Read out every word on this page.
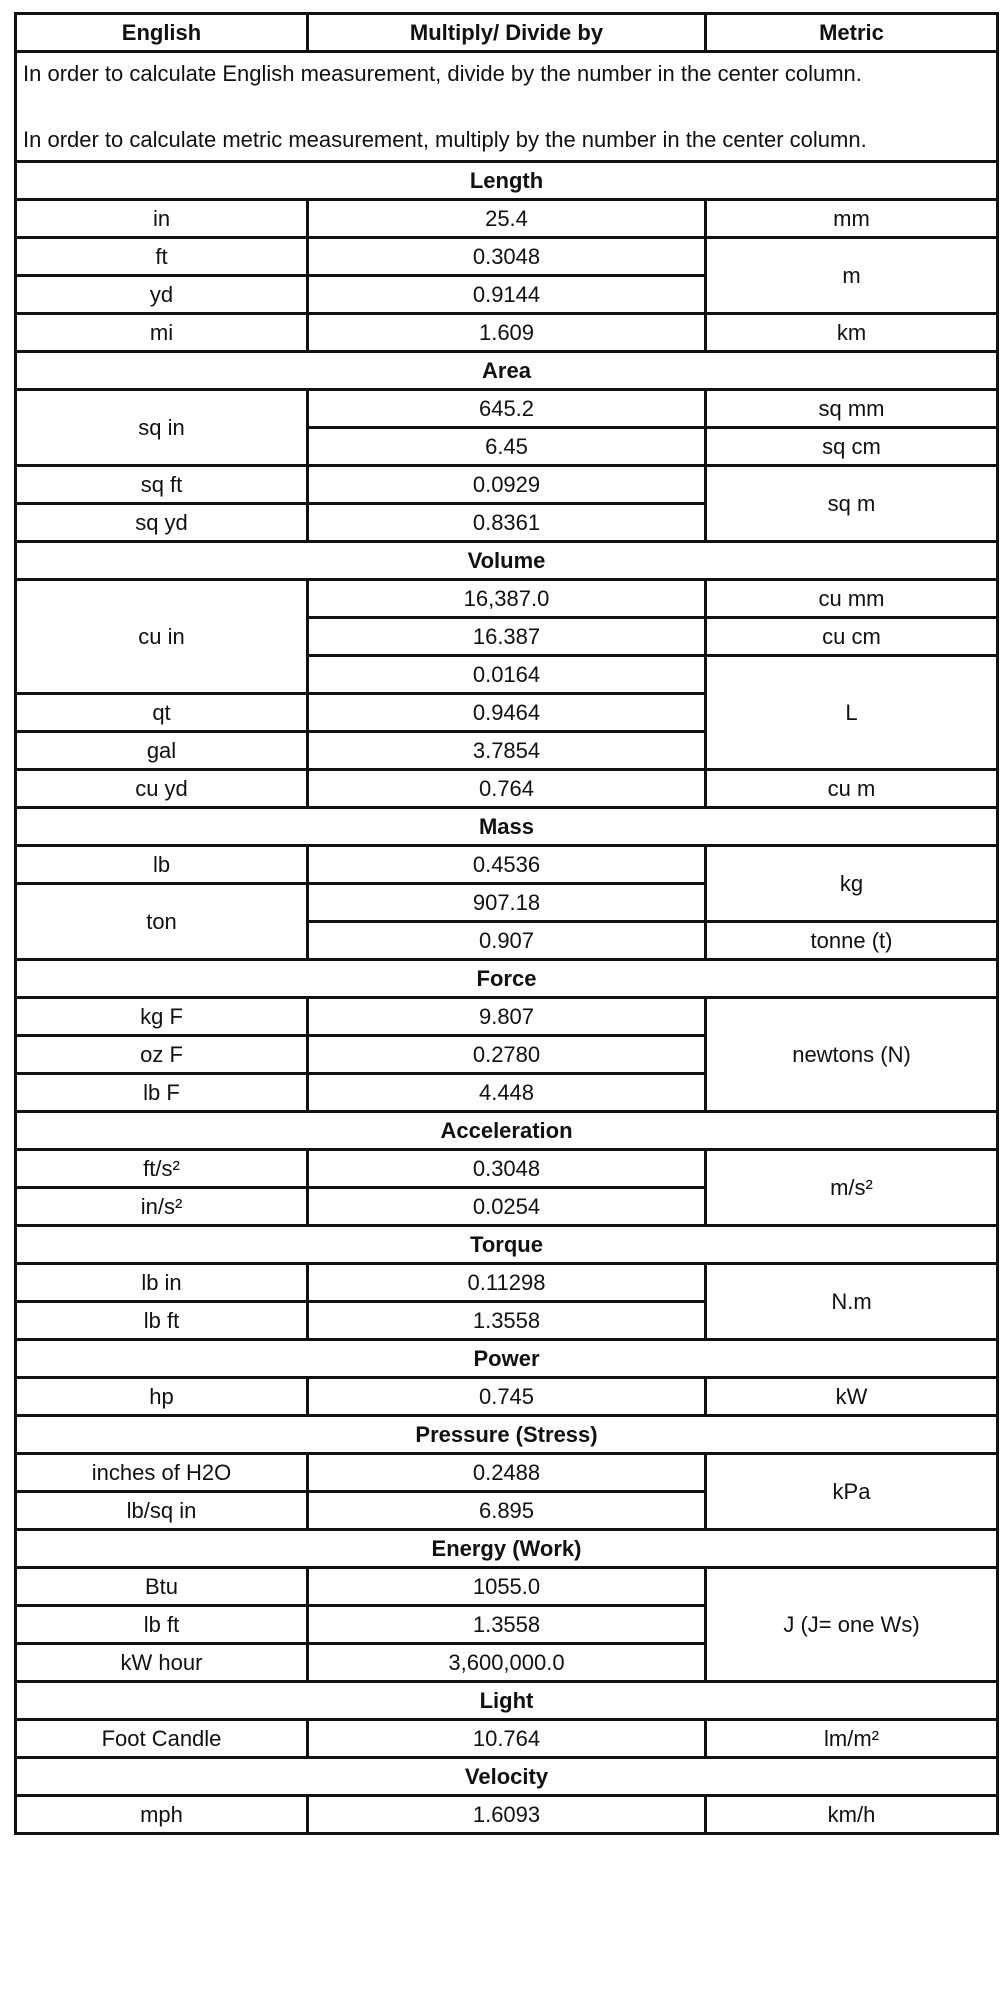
English	Multiply/ Divide by	Metric

In order to calculate English measurement, divide by the number in the center column.

In order to calculate metric measurement, multiply by the number in the center column.		

Length		
in	25.4	mm
ft	0.3048	m
yd	0.9144	
mi	1.609	km
Area		
sq in	645.2	sq mm
	6.45	sq cm
sq ft	0.0929	sq m
sq yd	0.8361	
Volume		
cu in	16,387.0	cu mm
	16.387	cu cm
	0.0164	L
qt	0.9464	
gal	3.7854	
cu yd	0.764	cu m
Mass		
lb	0.4536	kg
ton	907.18	
	0.907	tonne (t)
Force		
kg F	9.807	newtons (N)
oz F	0.2780	
lb F	4.448	
Acceleration		
ft/s²	0.3048	m/s²
in/s²	0.0254	
Torque		
lb in	0.11298	N.m
lb ft	1.3558	
Power		
hp	0.745	kW
Pressure (Stress)		
inches of H2O	0.2488	kPa
lb/sq in	6.895	
Energy (Work)		
Btu	1055.0	J (J= one Ws)
lb ft	1.3558	
kW hour	3,600,000.0	
Light		
Foot Candle	10.764	lm/m²
Velocity		
mph	1.6093	km/h
